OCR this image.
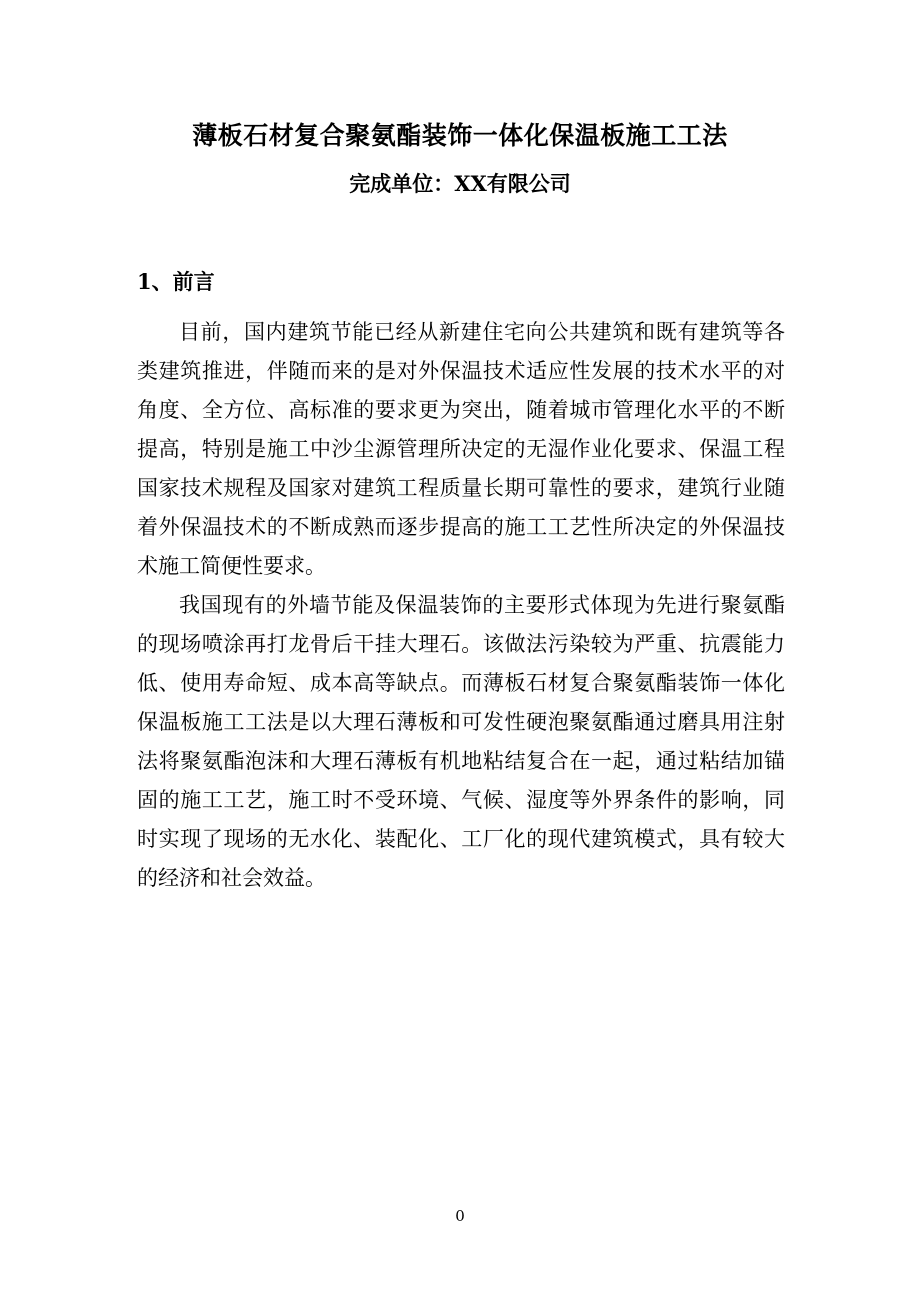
薄板石材复合聚氨酯装饰一体化保温板施工工法
完成单位：XX有限公司
1、前言

目前，国内建筑节能已经从新建住宅向公共建筑和既有建筑等各类建筑推进，伴随而来的是对外保温技术适应性发展的技术水平的对角度、全方位、高标准的要求更为突出，随着城市管理化水平的不断提高，特别是施工中沙尘源管理所决定的无湿作业化要求、保温工程国家技术规程及国家对建筑工程质量长期可靠性的要求，建筑行业随着外保温技术的不断成熟而逐步提高的施工工艺性所决定的外保温技术施工简便性要求。

我国现有的外墙节能及保温装饰的主要形式体现为先进行聚氨酯的现场喷涂再打龙骨后干挂大理石。该做法污染较为严重、抗震能力低、使用寿命短、成本高等缺点。而薄板石材复合聚氨酯装饰一体化保温板施工工法是以大理石薄板和可发性硬泡聚氨酯通过磨具用注射法将聚氨酯泡沫和大理石薄板有机地粘结复合在一起，通过粘结加锚固的施工工艺，施工时不受环境、气候、湿度等外界条件的影响，同时实现了现场的无水化、装配化、工厂化的现代建筑模式，具有较大的经济和社会效益。

0
